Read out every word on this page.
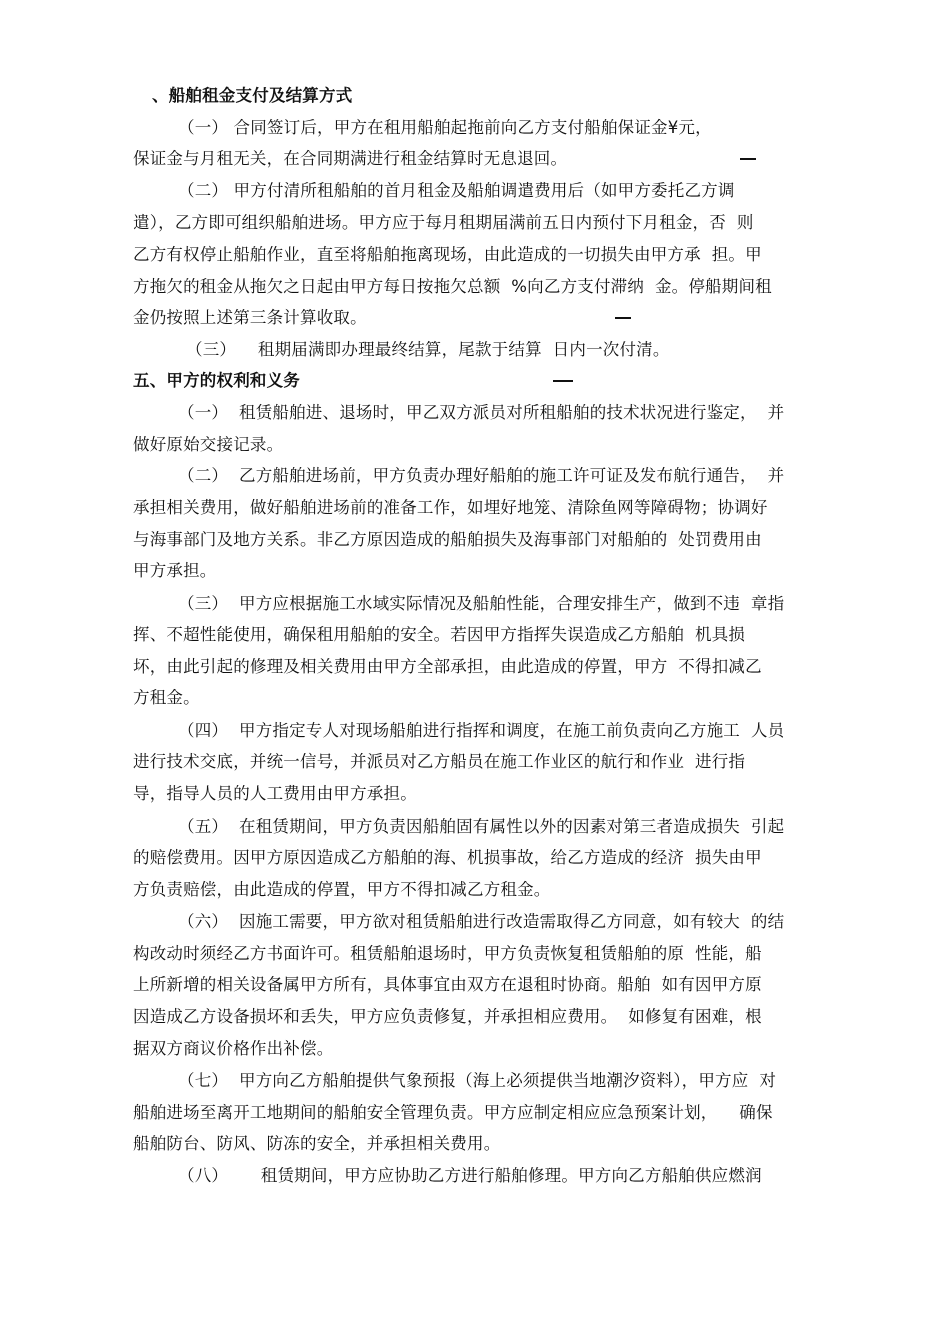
、船舶租金支付及结算方式
（一） 合同签订后，甲方在租用船舶起拖前向乙方支付船舶保证金¥元，
保证金与月租无关，在合同期满进行租金结算时无息退回。
（二） 甲方付清所租船舶的首月租金及船舶调遣费用后（如甲方委托乙方调
遣），乙方即可组织船舶进场。甲方应于每月租期届满前五日内预付下月租金，否  则
乙方有权停止船舶作业，直至将船舶拖离现场，由此造成的一切损失由甲方承  担。甲
方拖欠的租金从拖欠之日起由甲方每日按拖欠总额  %向乙方支付滞纳  金。停船期间租
金仍按照上述第三条计算收取。
（三）    租期届满即办理最终结算，尾款于结算  日内一次付清。
五、甲方的权利和义务
（一）  租赁船舶进、退场时，甲乙双方派员对所租船舶的技术状况进行鉴定，  并
做好原始交接记录。
（二）  乙方船舶进场前，甲方负责办理好船舶的施工许可证及发布航行通告，  并
承担相关费用，做好船舶进场前的准备工作，如埋好地笼、清除鱼网等障碍物；协调好
与海事部门及地方关系。非乙方原因造成的船舶损失及海事部门对船舶的  处罚费用由
甲方承担。
（三）  甲方应根据施工水域实际情况及船舶性能，合理安排生产，做到不违  章指
挥、不超性能使用，确保租用船舶的安全。若因甲方指挥失误造成乙方船舶  机具损
坏，由此引起的修理及相关费用由甲方全部承担，由此造成的停置，甲方  不得扣减乙
方租金。
（四）  甲方指定专人对现场船舶进行指挥和调度，在施工前负责向乙方施工  人员
进行技术交底，并统一信号，并派员对乙方船员在施工作业区的航行和作业  进行指
导，指导人员的人工费用由甲方承担。
（五）  在租赁期间，甲方负责因船舶固有属性以外的因素对第三者造成损失  引起
的赔偿费用。因甲方原因造成乙方船舶的海、机损事故，给乙方造成的经济  损失由甲
方负责赔偿，由此造成的停置，甲方不得扣减乙方租金。
（六）  因施工需要，甲方欲对租赁船舶进行改造需取得乙方同意，如有较大  的结
构改动时须经乙方书面许可。租赁船舶退场时，甲方负责恢复租赁船舶的原  性能，船
上所新增的相关设备属甲方所有，具体事宜由双方在退租时协商。船舶  如有因甲方原
因造成乙方设备损坏和丢失，甲方应负责修复，并承担相应费用。  如修复有困难，根
据双方商议价格作出补偿。
（七）  甲方向乙方船舶提供气象预报（海上必须提供当地潮汐资料），甲方应  对
船舶进场至离开工地期间的船舶安全管理负责。甲方应制定相应应急预案计划，    确保
船舶防台、防风、防冻的安全，并承担相关费用。
（八）      租赁期间，甲方应协助乙方进行船舶修理。甲方向乙方船舶供应燃润
